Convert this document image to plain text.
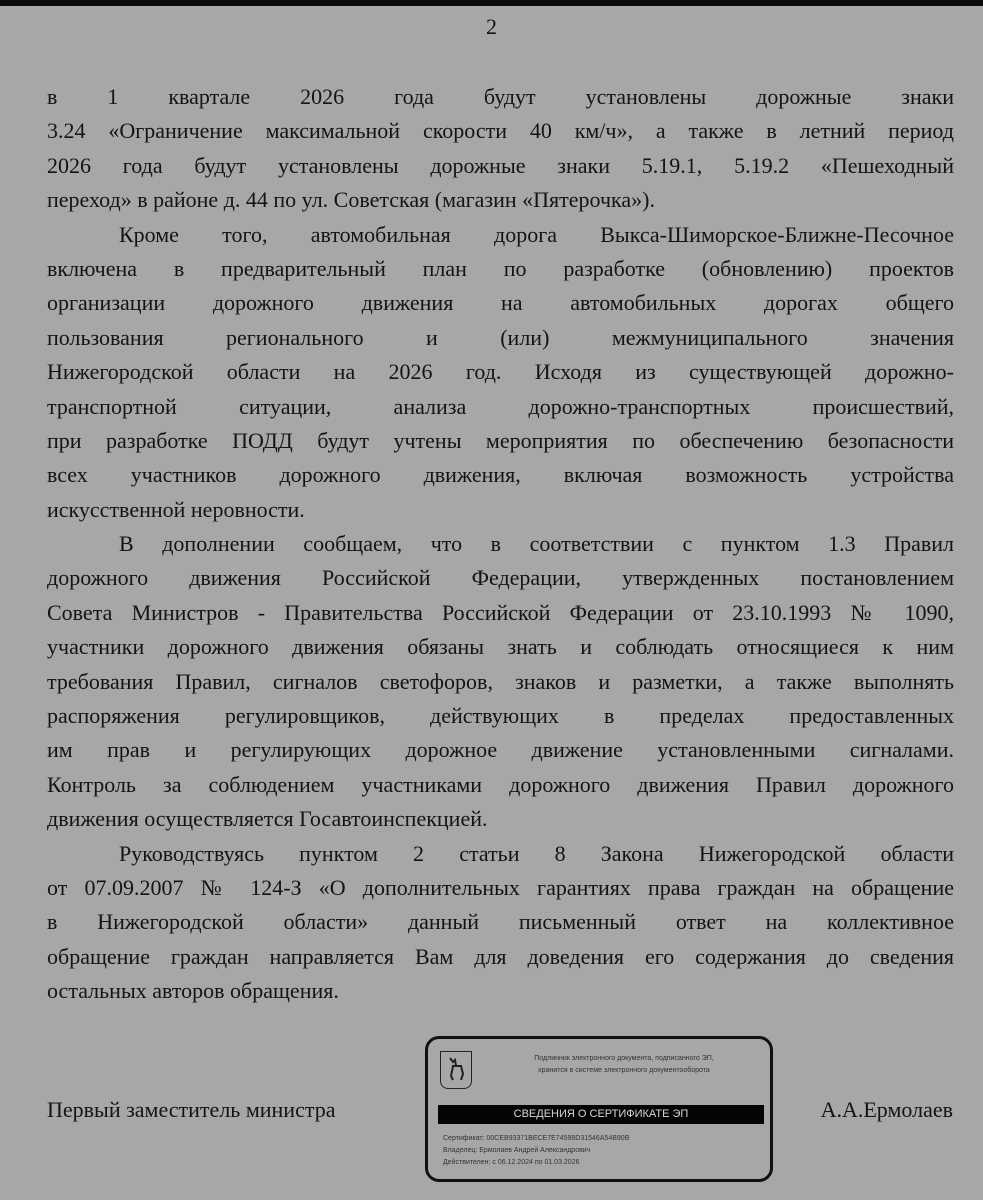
2
в 1 квартале 2026 года будут установлены дорожные знаки
3.24 «Ограничение максимальной скорости 40 км/ч», а также в летний период
2026 года будут установлены дорожные знаки 5.19.1, 5.19.2 «Пешеходный
переход» в районе д. 44 по ул. Советская (магазин «Пятерочка»).
Кроме того, автомобильная дорога Выкса-Шиморское-Ближне-Песочное
включена в предварительный план по разработке (обновлению) проектов
организации дорожного движения на автомобильных дорогах общего
пользования регионального и (или) межмуниципального значения
Нижегородской области на 2026 год. Исходя из существующей дорожно-
транспортной ситуации, анализа дорожно-транспортных происшествий,
при разработке ПОДД будут учтены мероприятия по обеспечению безопасности
всех участников дорожного движения, включая возможность устройства
искусственной неровности.
В дополнении сообщаем, что в соответствии с пунктом 1.3 Правил
дорожного движения Российской Федерации, утвержденных постановлением
Совета Министров - Правительства Российской Федерации от 23.10.1993 № 1090,
участники дорожного движения обязаны знать и соблюдать относящиеся к ним
требования Правил, сигналов светофоров, знаков и разметки, а также выполнять
распоряжения регулировщиков, действующих в пределах предоставленных
им прав и регулирующих дорожное движение установленными сигналами.
Контроль за соблюдением участниками дорожного движения Правил дорожного
движения осуществляется Госавтоинспекцией.
Руководствуясь пунктом 2 статьи 8 Закона Нижегородской области
от 07.09.2007 № 124-З «О дополнительных гарантиях права граждан на обращение
в Нижегородской области» данный письменный ответ на коллективное
обращение граждан направляется Вам для доведения его содержания до сведения
остальных авторов обращения.
Первый заместитель министра	А.А.Ермолаев
Подлинник электронного документа, подписанного ЭП,
хранится в системе электронного документооборота
СВЕДЕНИЯ О СЕРТИФИКАТЕ ЭП
Сертификат: 00CEB93371BECE7E74598D31546A54B90B
Владелец: Ермолаев Андрей Александрович
Действителен: с 06.12.2024 по 01.03.2026
